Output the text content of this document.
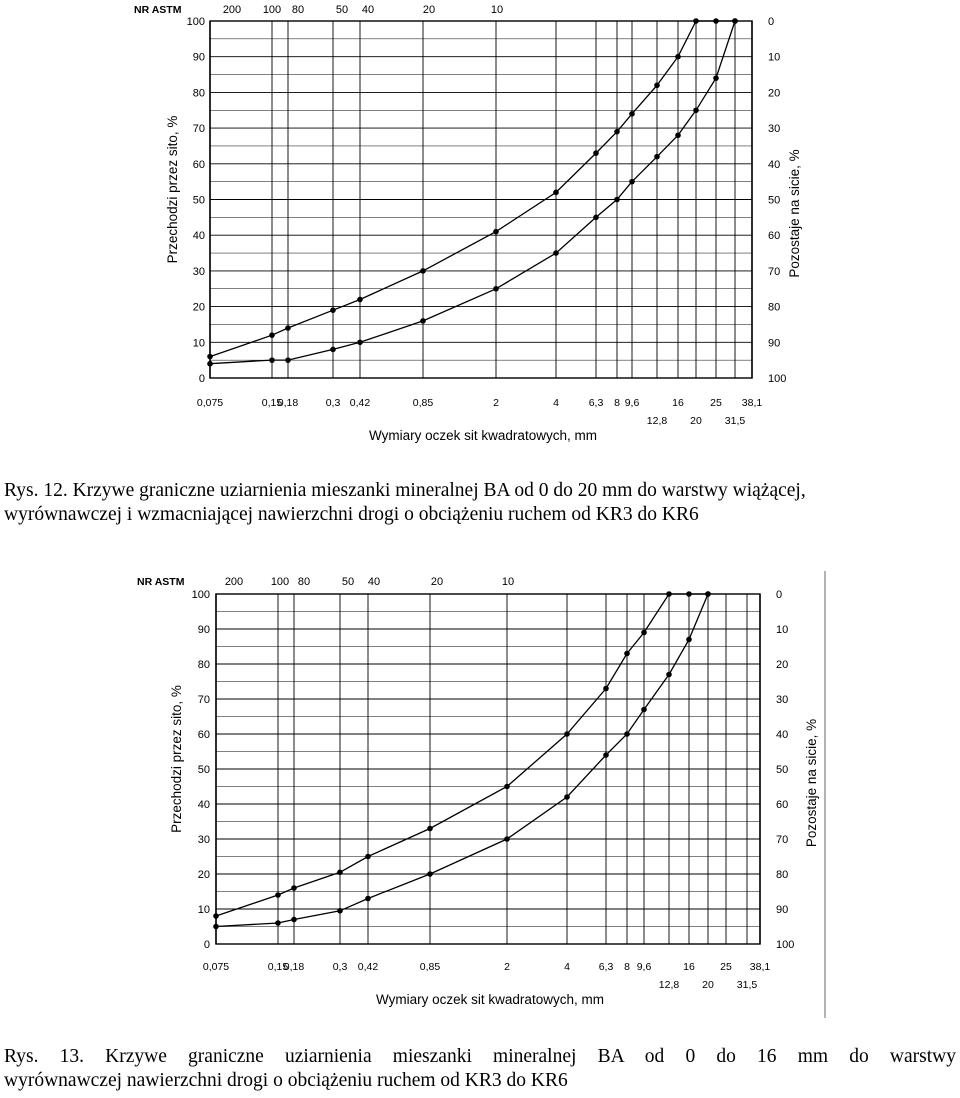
0
10
20
30
40
50
60
70
80
90
100
100
90
80
70
60
50
40
30
20
10
0
NR ASTM	200 100 80	50 40	20	10
0,075	0,15
0,18	0,3 0,42	0,85	2	4	6,3 8 9,6	16	25 38,1
12,8 20 31,5
Wymiary oczek sit kwadratowych, mm
Przechodzi przez sito, %	Pozostaje na sicie, %
0
10
20
30
40
50
60
70
80
90
100
100
90
80
70
60
50
40
30
20
10
0
NR ASTM	200	100 80	50 40	20	10
0,075	0,15
0,18	0,3 0,42	0,85	2	4	6,3 8 9,6	16 25 38,1
12,8 20 31,5
Wymiary oczek sit kwadratowych, mm
Przechodzi przez sito, %	Pozostaje na sicie, %
Rys. 12. Krzywe graniczne uziarnienia mieszanki mineralnej BA od 0 do 20 mm do warstwy wiążącej, wyrównawczej i wzmacniającej nawierzchni drogi o obciążeniu ruchem od KR3 do KR6
Rys. 13. Krzywe graniczne uziarnienia mieszanki mineralnej BA od 0 do 16 mm do warstwy wyrównawczej nawierzchni drogi o obciążeniu ruchem od KR3 do KR6
